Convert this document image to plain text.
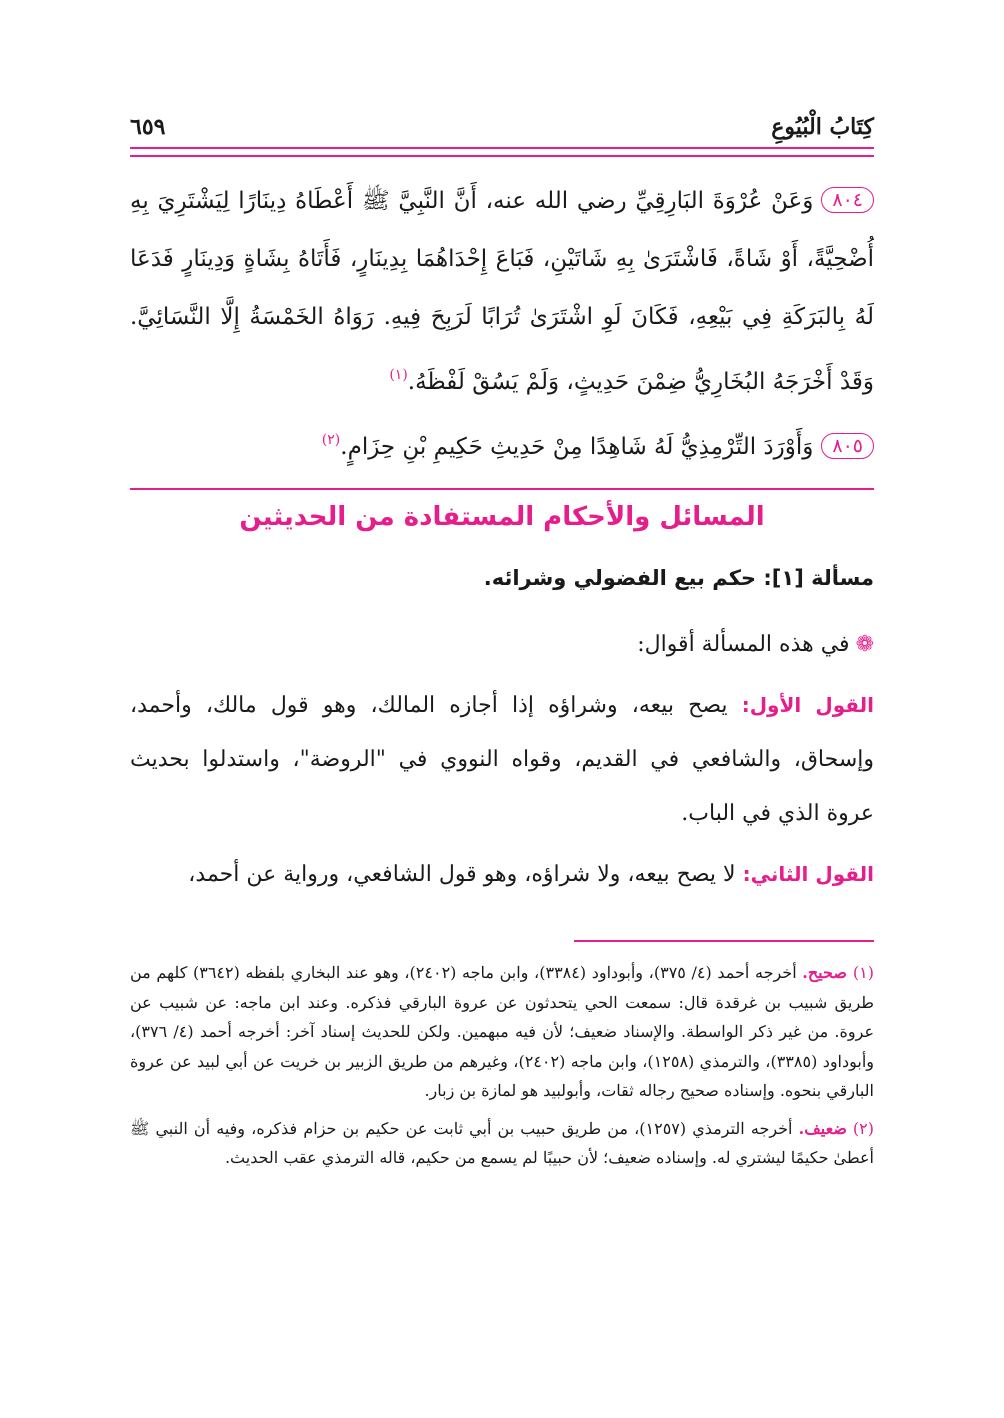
كِتَابُ الْبُيُوعِ
٦٥٩

٨٠٤وَعَنْ عُرْوَةَ البَارِقِيِّ رضي الله عنه، أَنَّ النَّبِيَّ ﷺ أَعْطَاهُ دِينَارًا لِيَشْتَرِيَ بِهِ أُضْحِيَّةً، أَوْ شَاةً، فَاشْتَرَىٰ بِهِ شَاتَيْنِ، فَبَاعَ إِحْدَاهُمَا بِدِينَارٍ، فَأَتَاهُ بِشَاةٍ وَدِينَارٍ فَدَعَا لَهُ بِالبَرَكَةِ فِي بَيْعِهِ، فَكَانَ لَوِ اشْتَرَىٰ تُرَابًا لَرَبِحَ فِيهِ. رَوَاهُ الخَمْسَةُ إِلَّا النَّسَائِيَّ. وَقَدْ أَخْرَجَهُ البُخَارِيُّ ضِمْنَ حَدِيثٍ، وَلَمْ يَسُقْ لَفْظَهُ.$^{(١)}$

٨٠٥وَأَوْرَدَ التِّرْمِذِيُّ لَهُ شَاهِدًا مِنْ حَدِيثِ حَكِيمِ بْنِ حِزَامٍ.$^{(٢)}$

المسائل والأحكام المستفادة من الحديثين

مسألة [١]: حكم بيع الفضولي وشرائه.

❁في هذه المسألة أقوال:

القول الأول: يصح بيعه، وشراؤه إذا أجازه المالك، وهو قول مالك، وأحمد، وإسحاق، والشافعي في القديم، وقواه النووي في "الروضة"، واستدلوا بحديث عروة الذي في الباب.

القول الثاني: لا يصح بيعه، ولا شراؤه، وهو قول الشافعي، ورواية عن أحمد،

(١)صحيح. أخرجه أحمد (٤/ ٣٧٥)، وأبوداود (٣٣٨٤)، وابن ماجه (٢٤٠٢)، وهو عند البخاري بلفظه (٣٦٤٢) كلهم من طريق شبيب بن غرقدة قال: سمعت الحي يتحدثون عن عروة البارقي فذكره. وعند ابن ماجه: عن شبيب عن عروة. من غير ذكر الواسطة. والإسناد ضعيف؛ لأن فيه مبهمين. ولكن للحديث إسناد آخر: أخرجه أحمد (٤/ ٣٧٦)، وأبوداود (٣٣٨٥)، والترمذي (١٢٥٨)، وابن ماجه (٢٤٠٢)، وغيرهم من طريق الزبير بن خريت عن أبي لبيد عن عروة البارقي بنحوه. وإسناده صحيح رجاله ثقات، وأبولبيد هو لمازة بن زبار.

(٢)ضعيف. أخرجه الترمذي (١٢٥٧)، من طريق حبيب بن أبي ثابت عن حكيم بن حزام فذكره، وفيه أن النبي ﷺ أعطىٰ حكيمًا ليشتري له. وإسناده ضعيف؛ لأن حبيبًا لم يسمع من حكيم، قاله الترمذي عقب الحديث.
